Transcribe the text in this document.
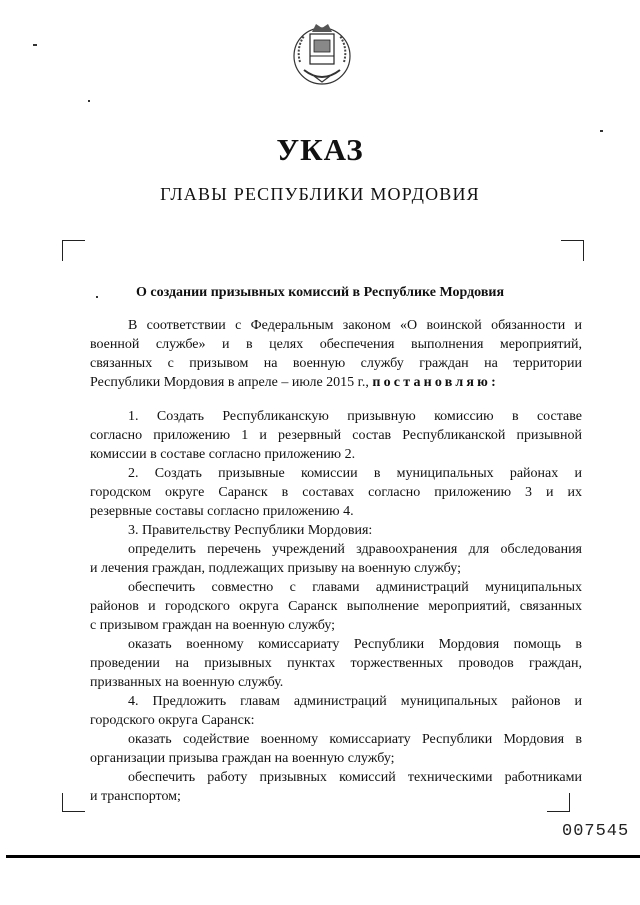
УКАЗ
ГЛАВЫ РЕСПУБЛИКИ МОРДОВИЯ
О создании призывных комиссий в Республике Мордовия
В соответствии с Федеральным законом «О воинской обязанности и
военной службе» и в целях обеспечения выполнения мероприятий,
связанных с призывом на военную службу граждан на территории
Республики Мордовия в апреле – июле 2015 г., постановляю:
1. Создать Республиканскую призывную комиссию в составе
согласно приложению 1 и резервный состав Республиканской призывной
комиссии в составе согласно приложению 2.
2. Создать призывные комиссии в муниципальных районах и
городском округе Саранск в составах согласно приложению 3 и их
резервные составы согласно приложению 4.
3. Правительству Республики Мордовия:
определить перечень учреждений здравоохранения для обследования
и лечения граждан, подлежащих призыву на военную службу;
обеспечить совместно с главами администраций муниципальных
районов и городского округа Саранск выполнение мероприятий, связанных
с призывом граждан на военную службу;
оказать военному комиссариату Республики Мордовия помощь в
проведении на призывных пунктах торжественных проводов граждан,
призванных на военную службу.
4. Предложить главам администраций муниципальных районов и
городского округа Саранск:
оказать содействие военному комиссариату Республики Мордовия в
организации призыва граждан на военную службу;
обеспечить работу призывных комиссий техническими работниками
и транспортом;
007545
